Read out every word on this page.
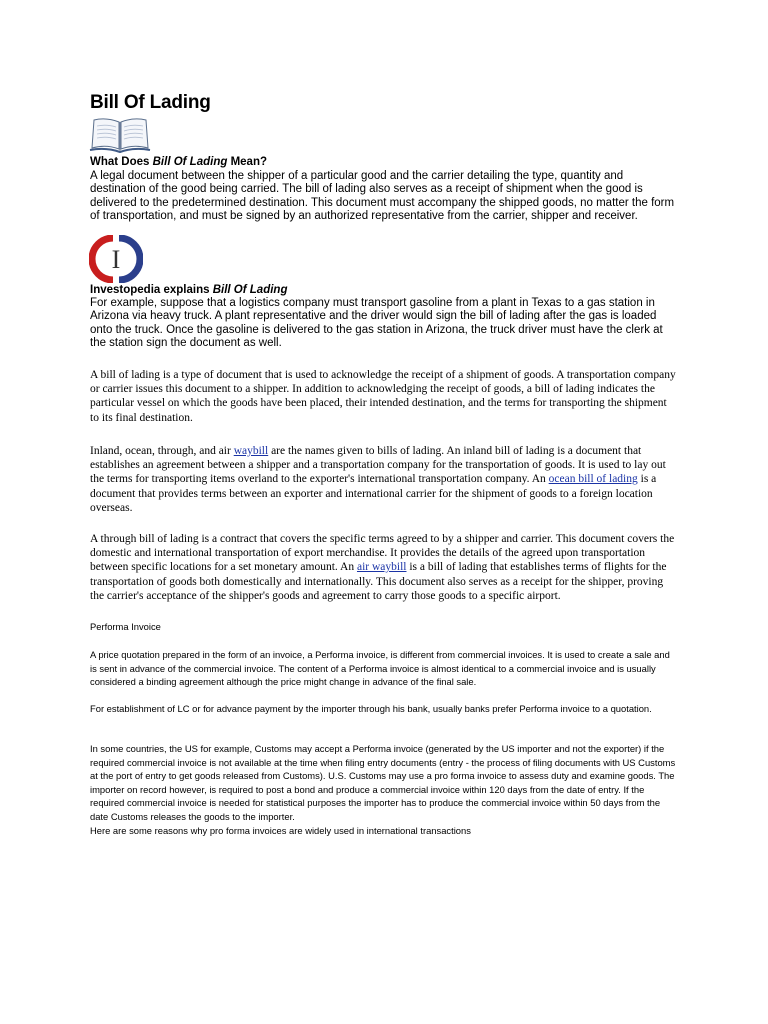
Bill Of Lading
What Does Bill Of Lading Mean?
A legal document between the shipper of a particular good and the carrier detailing the type, quantity and destination of the good being carried. The bill of lading also serves as a receipt of shipment when the good is delivered to the predetermined destination. This document must accompany the shipped goods, no matter the form of transportation, and must be signed by an authorized representative from the carrier, shipper and receiver.
I
Investopedia explains Bill Of Lading
For example, suppose that a logistics company must transport gasoline from a plant in Texas to a gas station in Arizona via heavy truck. A plant representative and the driver would sign the bill of lading after the gas is loaded onto the truck. Once the gasoline is delivered to the gas station in Arizona, the truck driver must have the clerk at the station sign the document as well.
A bill of lading is a type of document that is used to acknowledge the receipt of a shipment of goods. A transportation company or carrier issues this document to a shipper. In addition to acknowledging the receipt of goods, a bill of lading indicates the particular vessel on which the goods have been placed, their intended destination, and the terms for transporting the shipment to its final destination.
Inland, ocean, through, and air waybill are the names given to bills of lading. An inland bill of lading is a document that establishes an agreement between a shipper and a transportation company for the transportation of goods. It is used to lay out the terms for transporting items overland to the exporter's international transportation company. An ocean bill of lading is a document that provides terms between an exporter and international carrier for the shipment of goods to a foreign location overseas.
A through bill of lading is a contract that covers the specific terms agreed to by a shipper and carrier. This document covers the domestic and international transportation of export merchandise. It provides the details of the agreed upon transportation between specific locations for a set monetary amount. An air waybill is a bill of lading that establishes terms of flights for the transportation of goods both domestically and internationally. This document also serves as a receipt for the shipper, proving the carrier's acceptance of the shipper's goods and agreement to carry those goods to a specific airport.
Performa Invoice
A price quotation prepared in the form of an invoice, a Performa invoice, is different from commercial invoices. It is used to create a sale and is sent in advance of the commercial invoice. The content of a Performa invoice is almost identical to a commercial invoice and is usually considered a binding agreement although the price might change in advance of the final sale.
For establishment of LC or for advance payment by the importer through his bank, usually banks prefer Performa invoice to a quotation.
In some countries, the US for example, Customs may accept a Performa invoice (generated by the US importer and not the exporter) if the required commercial invoice is not available at the time when filing entry documents (entry - the process of filing documents with US Customs at the port of entry to get goods released from Customs). U.S. Customs may use a pro forma invoice to assess duty and examine goods. The importer on record however, is required to post a bond and produce a commercial invoice within 120 days from the date of entry. If the required commercial invoice is needed for statistical purposes the importer has to produce the commercial invoice within 50 days from the date Customs releases the goods to the importer.
Here are some reasons why pro forma invoices are widely used in international transactions
